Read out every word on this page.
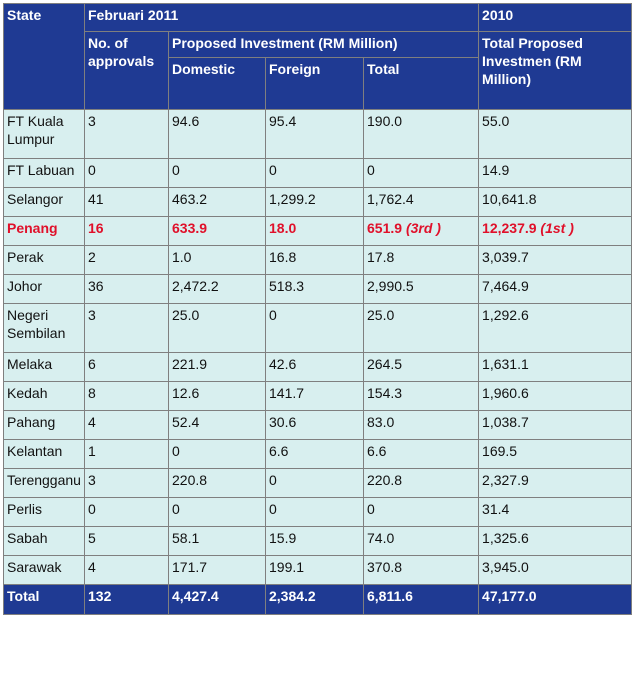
State	Februari 2011				2010
	No. of approvals	Proposed Investment (RM Million)			Total Proposed Investmen (RM Million)
		Domestic	Foreign	Total	
FT Kuala Lumpur	3	94.6	95.4	190.0	55.0
FT Labuan	0	0	0	0	14.9
Selangor	41	463.2	1,299.2	1,762.4	10,641.8
Penang	16	633.9	18.0	651.9 (3rd )	12,237.9 (1st )
Perak	2	1.0	16.8	17.8	3,039.7
Johor	36	2,472.2	518.3	2,990.5	7,464.9
Negeri Sembilan	3	25.0	0	25.0	1,292.6
Melaka	6	221.9	42.6	264.5	1,631.1
Kedah	8	12.6	141.7	154.3	1,960.6
Pahang	4	52.4	30.6	83.0	1,038.7
Kelantan	1	0	6.6	6.6	169.5
Terengganu	3	220.8	0	220.8	2,327.9
Perlis	0	0	0	0	31.4
Sabah	5	58.1	15.9	74.0	1,325.6
Sarawak	4	171.7	199.1	370.8	3,945.0
Total	132	4,427.4	2,384.2	6,811.6	47,177.0
